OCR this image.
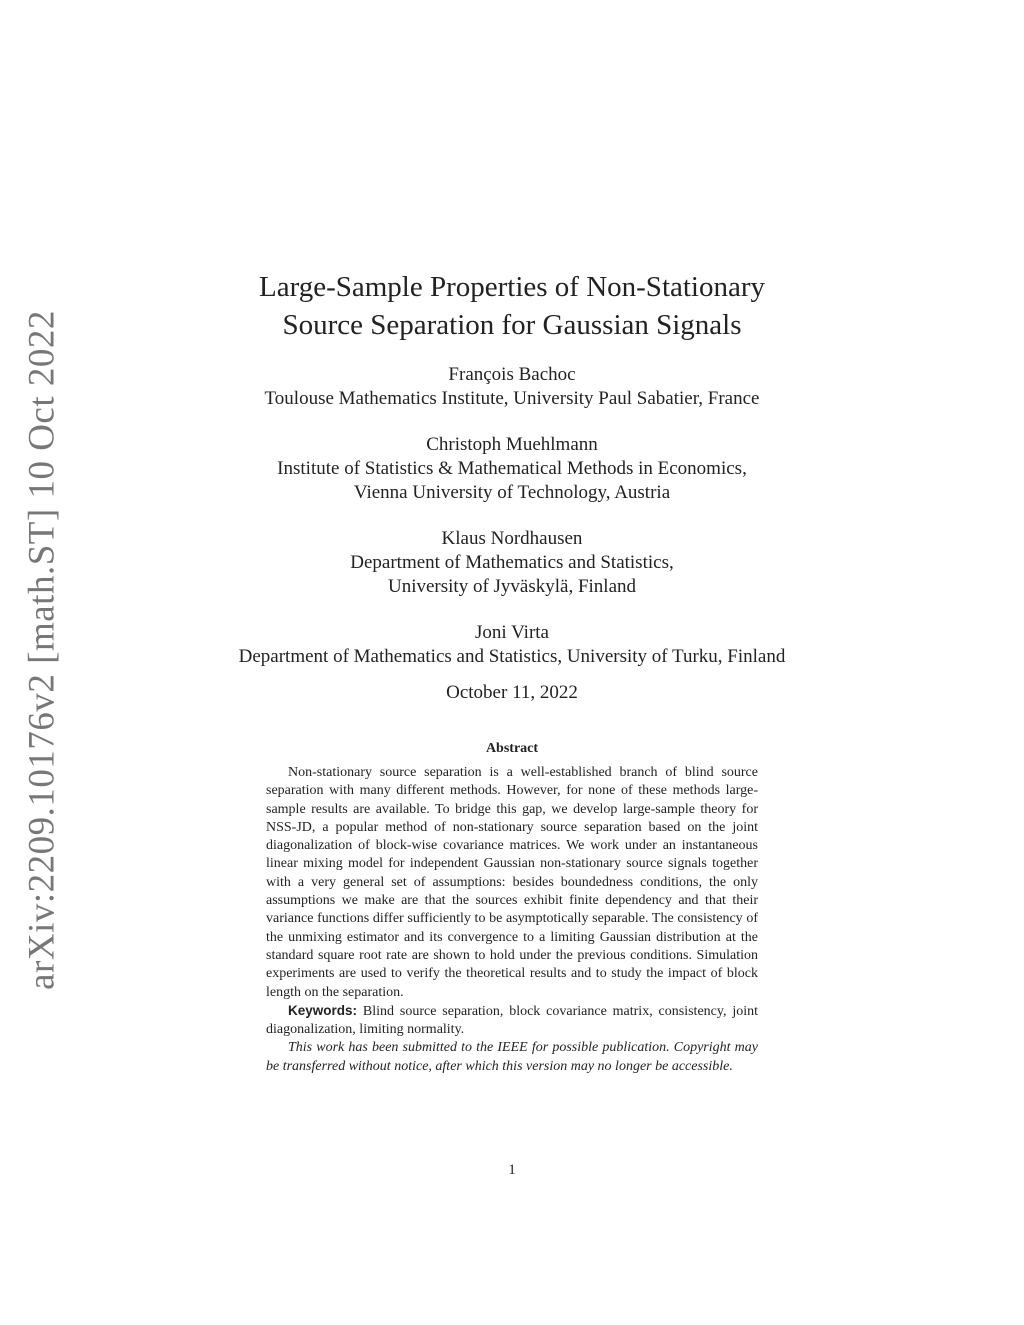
arXiv:2209.10176v2 [math.ST] 10 Oct 2022
Large-Sample Properties of Non-Stationary
Source Separation for Gaussian Signals
François Bachoc
Toulouse Mathematics Institute, University Paul Sabatier, France
Christoph Muehlmann
Institute of Statistics & Mathematical Methods in Economics,
Vienna University of Technology, Austria
Klaus Nordhausen
Department of Mathematics and Statistics,
University of Jyväskylä, Finland
Joni Virta
Department of Mathematics and Statistics, University of Turku, Finland
October 11, 2022
Abstract

Non-stationary source separation is a well-established branch of blind source separation with many different methods. However, for none of these methods large-sample results are available. To bridge this gap, we develop large-sample theory for NSS-JD, a popular method of non-stationary source separation based on the joint diagonalization of block-wise covariance matrices. We work under an instantaneous linear mixing model for independent Gaussian non-stationary source signals together with a very general set of assumptions: besides boundedness conditions, the only assumptions we make are that the sources exhibit finite dependency and that their variance functions differ sufficiently to be asymptotically separable. The consistency of the unmixing estimator and its convergence to a limiting Gaussian distribution at the standard square root rate are shown to hold under the previous conditions. Simulation experiments are used to verify the theoretical results and to study the impact of block length on the separation.

Keywords: Blind source separation, block covariance matrix, consistency, joint diagonalization, limiting normality.

This work has been submitted to the IEEE for possible publication. Copyright may be transferred without notice, after which this version may no longer be accessible.

1
